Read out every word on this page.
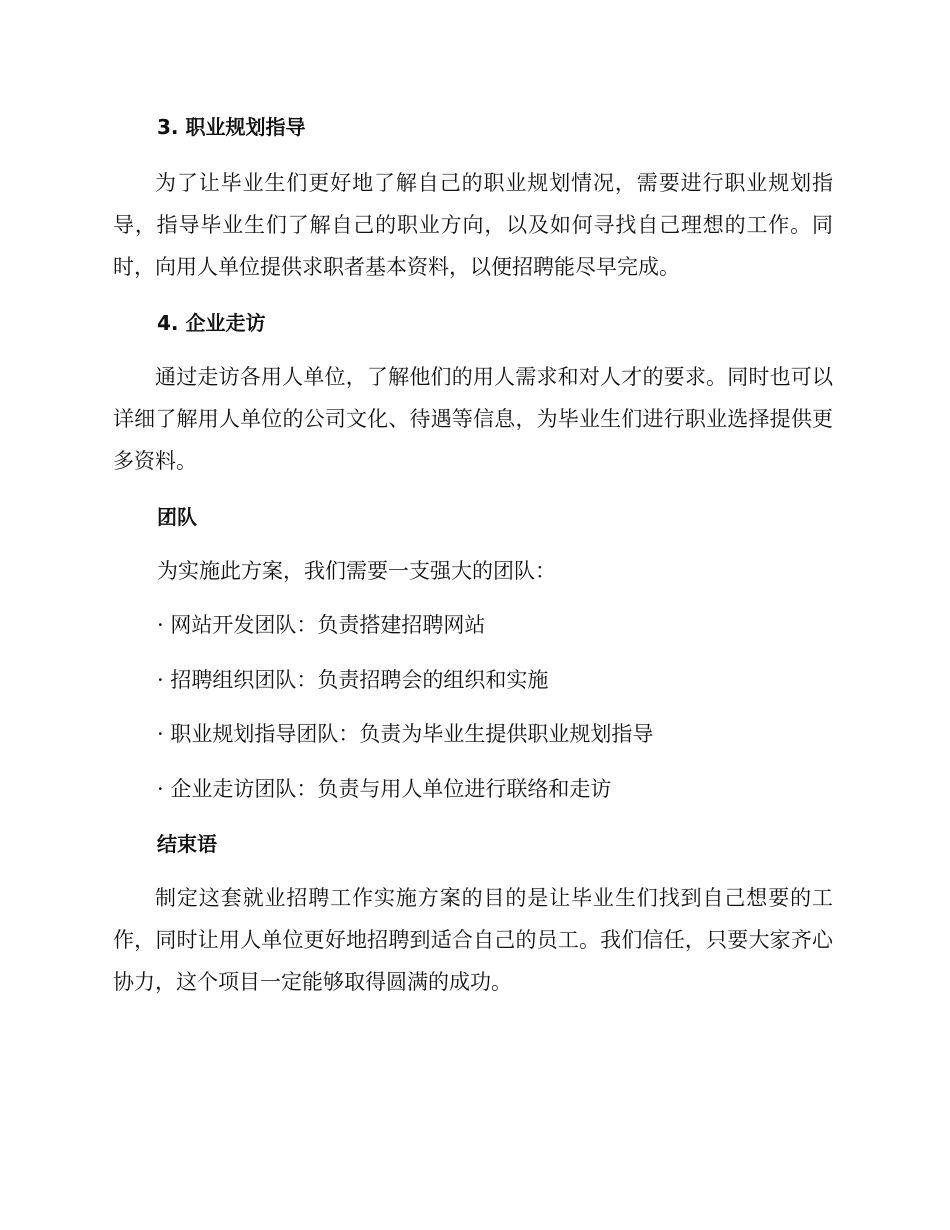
3. 职业规划指导
为了让毕业生们更好地了解自己的职业规划情况，需要进行职业规划指导，指导毕业生们了解自己的职业方向，以及如何寻找自己理想的工作。同时，向用人单位提供求职者基本资料，以便招聘能尽早完成。
4. 企业走访
通过走访各用人单位，了解他们的用人需求和对人才的要求。同时也可以详细了解用人单位的公司文化、待遇等信息，为毕业生们进行职业选择提供更多资料。
团队
为实施此方案，我们需要一支强大的团队：
· 网站开发团队：负责搭建招聘网站
· 招聘组织团队：负责招聘会的组织和实施
· 职业规划指导团队：负责为毕业生提供职业规划指导
· 企业走访团队：负责与用人单位进行联络和走访
结束语
制定这套就业招聘工作实施方案的目的是让毕业生们找到自己想要的工作，同时让用人单位更好地招聘到适合自己的员工。我们信任，只要大家齐心协力，这个项目一定能够取得圆满的成功。
